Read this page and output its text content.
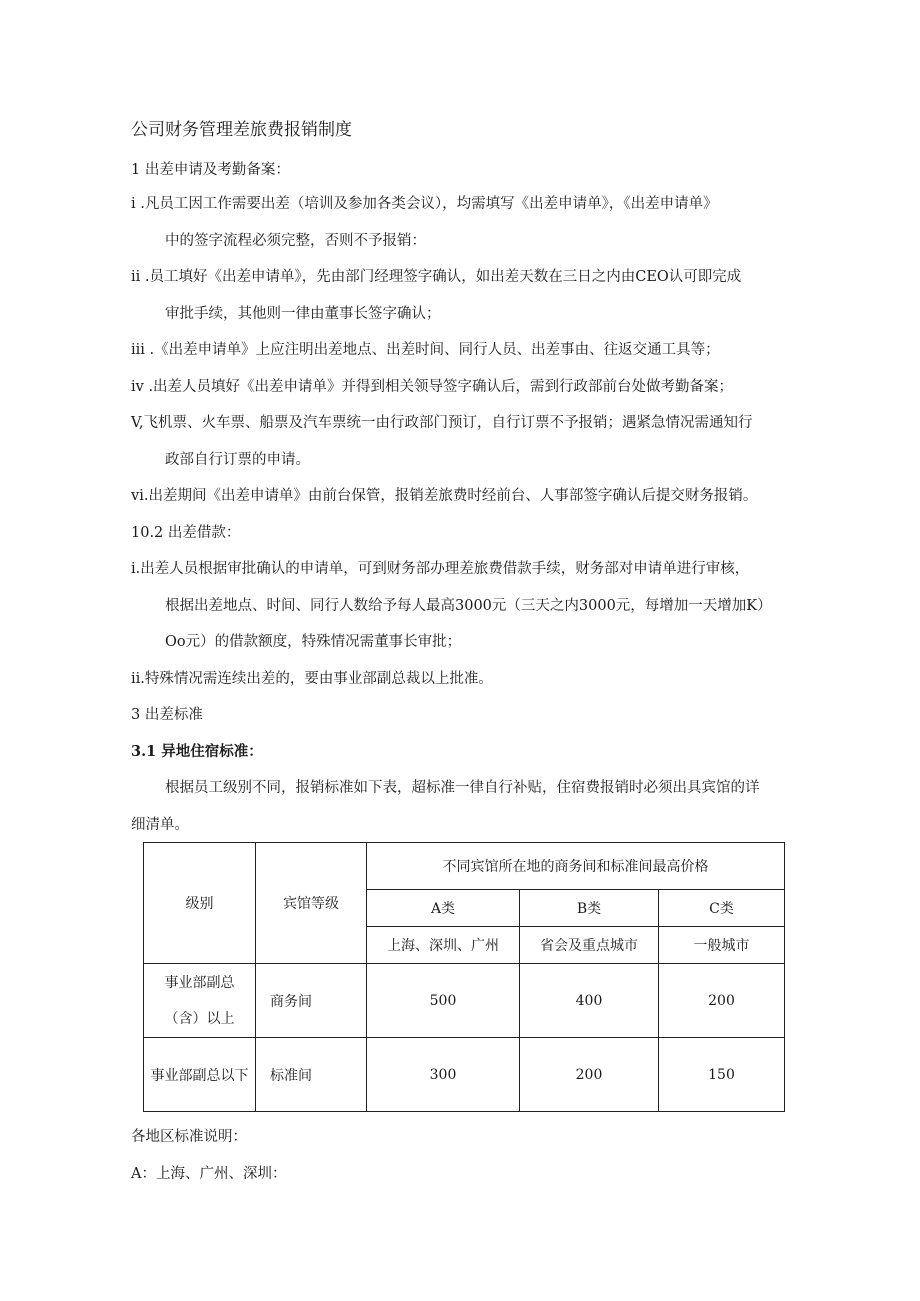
公司财务管理差旅费报销制度
1 出差申请及考勤备案：
i .凡员工因工作需要出差（培训及参加各类会议），均需填写《出差申请单》，《出差申请单》
中的签字流程必须完整，否则不予报销：
ii .员工填好《出差申请单》，先由部门经理签字确认，如出差天数在三日之内由CEO认可即完成
审批手续，其他则一律由董事长签字确认；
iii .《出差申请单》上应注明出差地点、出差时间、同行人员、出差事由、往返交通工具等；
iv .出差人员填好《出差申请单》并得到相关领导签字确认后，需到行政部前台处做考勤备案；
V,飞机票、火车票、船票及汽车票统一由行政部门预订，自行订票不予报销；遇紧急情况需通知行
政部自行订票的申请。
vi.出差期间《出差申请单》由前台保管，报销差旅费时经前台、人事部签字确认后提交财务报销。
10.2 出差借款：
i.出差人员根据审批确认的申请单，可到财务部办理差旅费借款手续，财务部对申请单进行审核，
根据出差地点、时间、同行人数给予每人最高3000元（三天之内3000元，每增加一天增加K）
Oo元）的借款额度，特殊情况需董事长审批；
ii.特殊情况需连续出差的，要由事业部副总裁以上批准。
3 出差标准
3.1 异地住宿标准：
根据员工级别不同，报销标准如下表，超标准一律自行补贴，住宿费报销时必须出具宾馆的详
细清单。
级别	宾馆等级	不同宾馆所在地的商务间和标准间最高价格		
		A类	B类	C类
		上海、深圳、广州	省会及重点城市	一般城市

事业部副总
（含）以上	商务间	500	400	200
事业部副总以下	标准间	300	200	150
各地区标准说明：
A：上海、广州、深圳：
